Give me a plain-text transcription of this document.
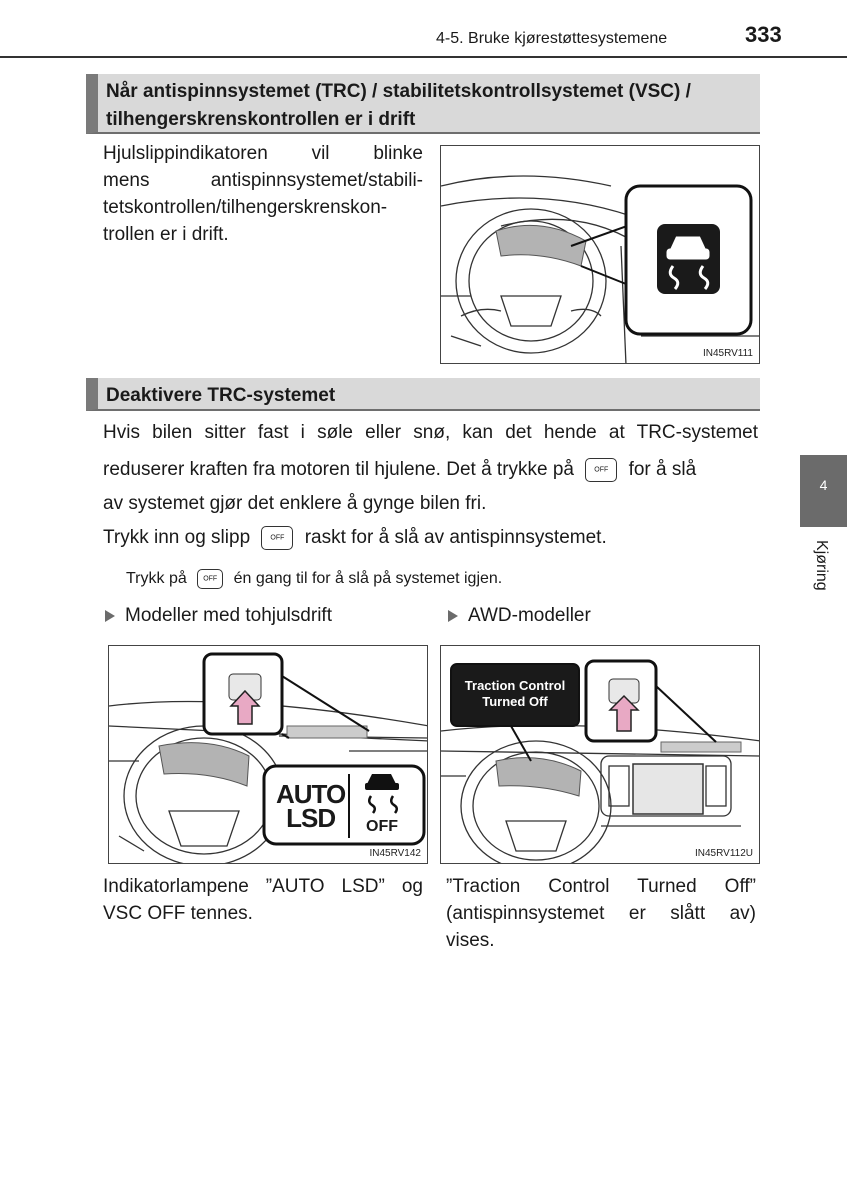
4-5. Bruke kjørestøttesystemene	333
4
Kjøring
Når antispinnsystemet (TRC) / stabilitetskontrollsystemet (VSC) /
tilhengerskrenskontrollen er i drift
Hjulslippindikatoren vil blinke
mens antispinnsystemet/stabili-
tetskontrollen/tilhengerskrenskon-
trollen er i drift.
IN45RV111
Deaktivere TRC-systemet
Hvis bilen sitter fast i søle eller snø, kan det hende at TRC-systemet
reduserer kraften fra motoren til hjulene. Det å trykke på	OFF for å slå
av systemet gjør det enklere å gynge bilen fri.
Trykk inn og slipp	OFF raskt for å slå av antispinnsystemet.
Trykk på OFF én gang til for å slå på systemet igjen.
Modeller med tohjulsdrift	AWD-modeller
AUTO
LSD	OFF
IN45RV142
Traction Control
Turned Off
IN45RV112U
Indikatorlampene ”AUTO LSD” og
VSC OFF tennes.
”Traction Control Turned Off”
(antispinnsystemet er slått av)
vises.
